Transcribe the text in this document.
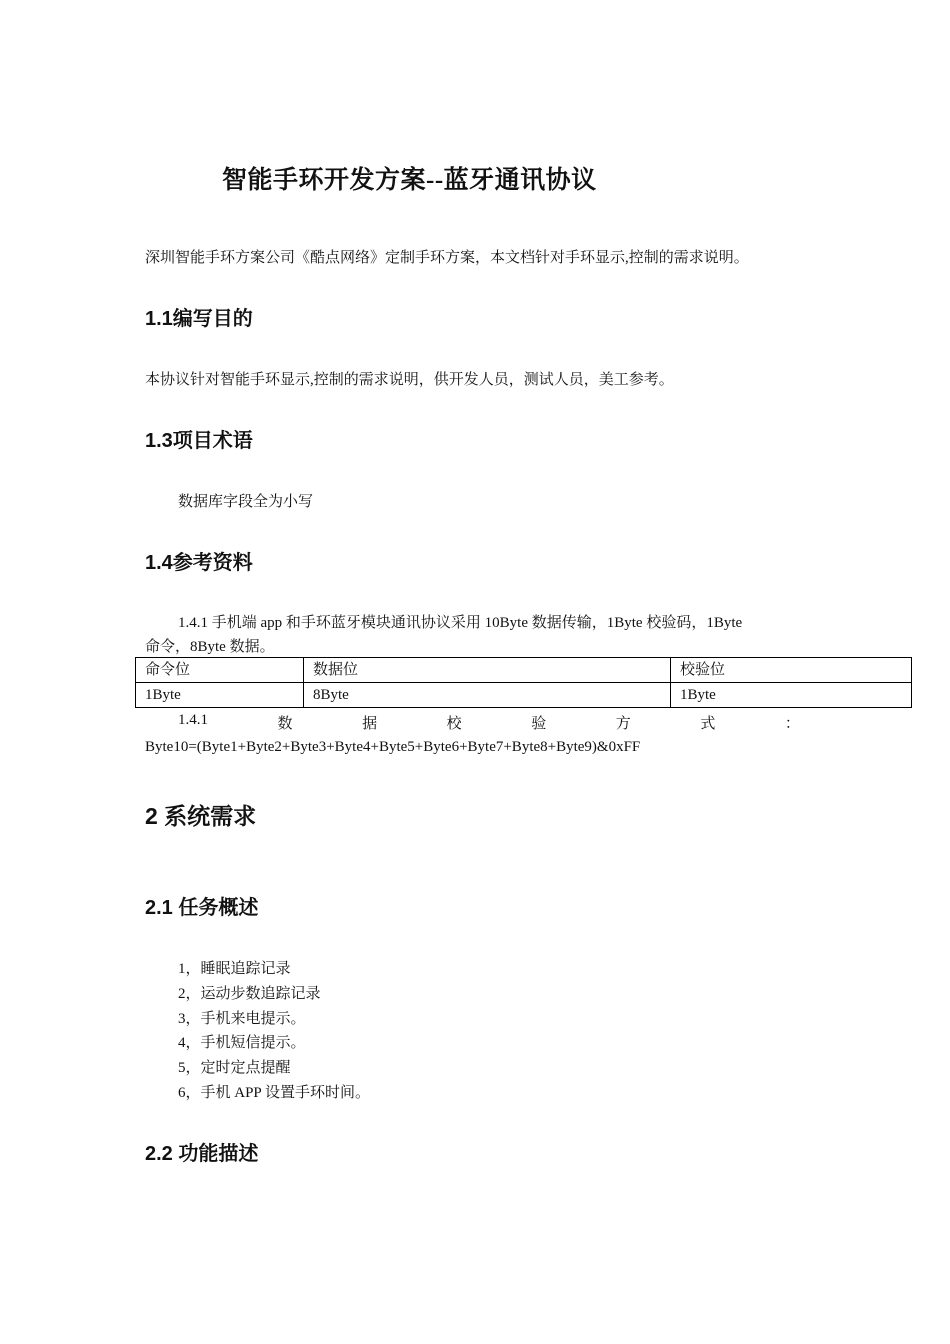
智能手环开发方案--蓝牙通讯协议
深圳智能手环方案公司《酷点网络》定制手环方案，本文档针对手环显示,控制的需求说明。
1.1编写目的
本协议针对智能手环显示,控制的需求说明，供开发人员，测试人员，美工参考。
1.3项目术语
数据库字段全为小写
1.4参考资料
1.4.1 手机端 app 和手环蓝牙模块通讯协议采用 10Byte 数据传输，1Byte 校验码，1Byte
命令，8Byte 数据。
命令位	数据位	校验位
1Byte	8Byte	1Byte
1.4.1	数	据	校	验	方	式	：
Byte10=(Byte1+Byte2+Byte3+Byte4+Byte5+Byte6+Byte7+Byte8+Byte9)&0xFF
2 系统需求
2.1 任务概述
1，睡眠追踪记录
2，运动步数追踪记录
3，手机来电提示。
4，手机短信提示。
5，定时定点提醒
6，手机 APP 设置手环时间。
2.2 功能描述
